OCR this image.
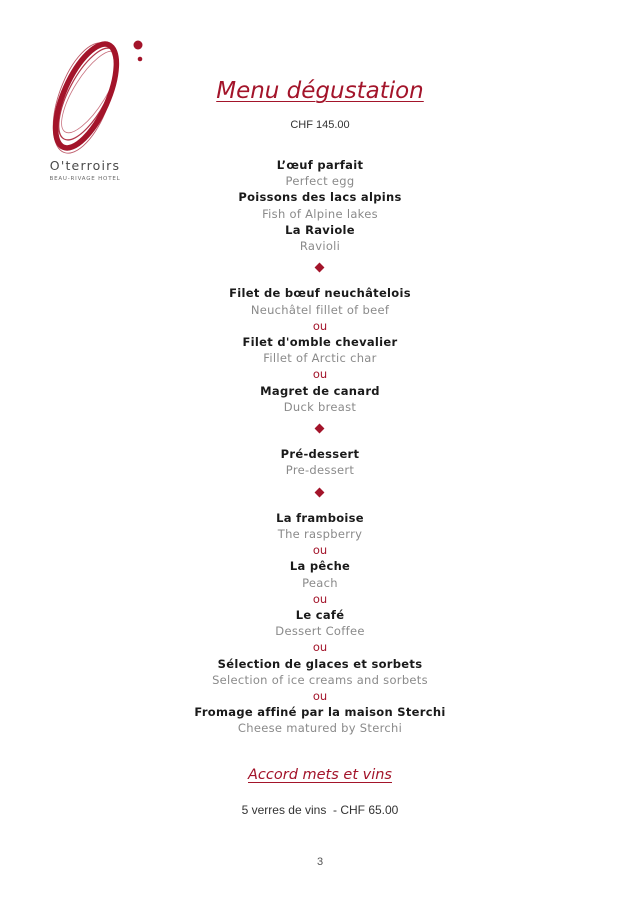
O'terroirs
BEAU-RIVAGE HOTEL
Menu dégustation
CHF 145.00
L’œuf parfait
Perfect egg
Poissons des lacs alpins
Fish of Alpine lakes
La Raviole
Ravioli
Filet de bœuf neuchâtelois
Neuchâtel fillet of beef
ou
Filet d'omble chevalier
Fillet of Arctic char
ou
Magret de canard
Duck breast
Pré-dessert
Pre-dessert
La framboise
The raspberry
ou
La pêche
Peach
ou
Le café
Dessert Coffee
ou
Sélection de glaces et sorbets
Selection of ice creams and sorbets
ou
Fromage affiné par la maison Sterchi
Cheese matured by Sterchi
Accord mets et vins
5 verres de vins  - CHF 65.00
3
